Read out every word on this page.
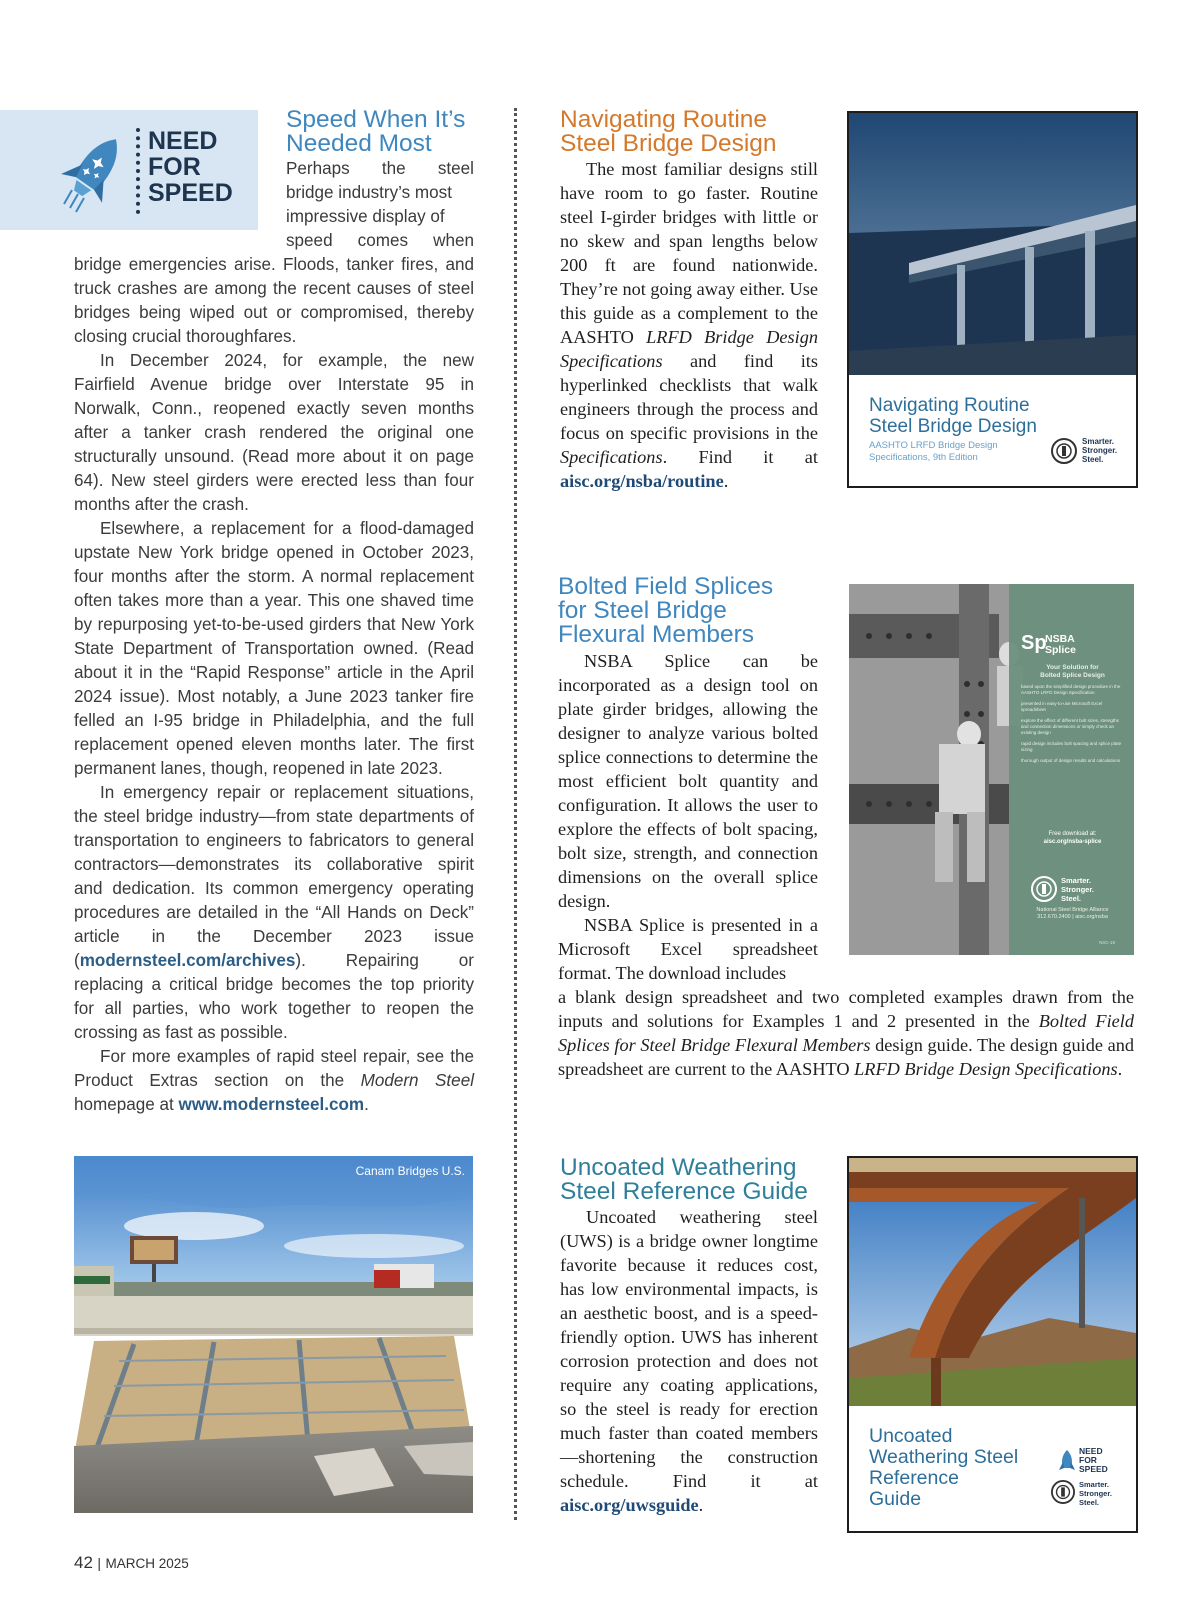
NEED
FOR
SPEED
Speed When It’s
Needed Most
Perhaps the steel
bridge industry’s most
impressive display of
speed comes when

bridge emergencies arise. Floods, tanker fires, and truck crashes are among the recent causes of steel bridges being wiped out or compromised, thereby closing crucial thoroughfares.

In December 2024, for example, the new Fairfield Avenue bridge over Interstate 95 in Norwalk, Conn., reopened exactly seven months after a tanker crash rendered the original one structurally unsound. (Read more about it on page 64). New steel girders were erected less than four months after the crash.

Elsewhere, a replacement for a flood-damaged upstate New York bridge opened in October 2023, four months after the storm. A normal replacement often takes more than a year. This one shaved time by repurposing yet-to-be-used girders that New York State Department of Transportation owned. (Read about it in the “Rapid Response” article in the April 2024 issue). Most notably, a June 2023 tanker fire felled an I-95 bridge in Philadelphia, and the full replacement opened eleven months later. The first permanent lanes, though, reopened in late 2023.

In emergency repair or replacement situations, the steel bridge industry—from state departments of transportation to engineers to fabricators to general contractors—demonstrates its collaborative spirit and dedication. Its common emergency operating procedures are detailed in the “All Hands on Deck” article in the December 2023 issue (modernsteel.com/archives). Repairing or replacing a critical bridge becomes the top priority for all parties, who work together to reopen the crossing as fast as possible.

For more examples of rapid steel repair, see the Product Extras section on the Modern Steel homepage at www.modernsteel.com.

Canam Bridges U.S.
Navigating Routine
Steel Bridge Design

The most familiar designs still have room to go faster. Routine steel I-girder bridges with little or no skew and span lengths below 200 ft are found nationwide. They’re not going away either. Use this guide as a complement to the AASHTO LRFD Bridge Design Specifications and find its hyperlinked checklists that walk engineers through the process and focus on specific provisions in the Specifications. Find it at aisc.org/nsba/routine.

Navigating Routine
Steel Bridge Design
AASHTO LRFD Bridge Design
Specifications, 9th Edition
Smarter.
Stronger.
Steel.
Bolted Field Splices
for Steel Bridge
Flexural Members

NSBA Splice can be incorporated as a design tool on plate girder bridges, allowing the designer to analyze various bolted splice connections to determine the most efficient bolt quantity and configuration. It allows the user to explore the effects of bolt spacing, bolt size, strength, and connection dimensions on the overall splice design.

NSBA Splice is presented in a Microsoft Excel spreadsheet format. The download includes

a blank design spreadsheet and two completed examples drawn from the inputs and solutions for Examples 1 and 2 presented in the Bolted Field Splices for Steel Bridge Flexural Members design guide. The design guide and spreadsheet are current to the AASHTO LRFD Bridge Design Specifications.

Sp
NSBA
Splice
Your Solution for
Bolted Splice Design
based upon the simplified design procedure in the AASHTO LRFD Design Specification
presented in easy-to-use Microsoft Excel spreadsheet
explore the effect of different bolt sizes, strengths and connection dimensions or simply check an existing design
rapid design includes bolt spacing and splice plate sizing
thorough output of design results and calculations
Free download at:
aisc.org/nsba-splice
Smarter.
Stronger.
Steel.
National Steel Bridge Alliance
312.670.2400 | aisc.org/nsba
NSC-19
Uncoated Weathering
Steel Reference Guide

Uncoated weathering steel (UWS) is a bridge owner longtime favorite because it reduces cost, has low environmental impacts, is an aesthetic boost, and is a speed-friendly option. UWS has inherent corrosion protection and does not require any coating applications, so the steel is ready for erection much faster than coated members—shortening the construction schedule. Find it at aisc.org/uwsguide.

Uncoated
Weathering Steel
Reference
Guide
NEED
FOR
SPEED
Smarter.
Stronger.
Steel.
42 | MARCH 2025
